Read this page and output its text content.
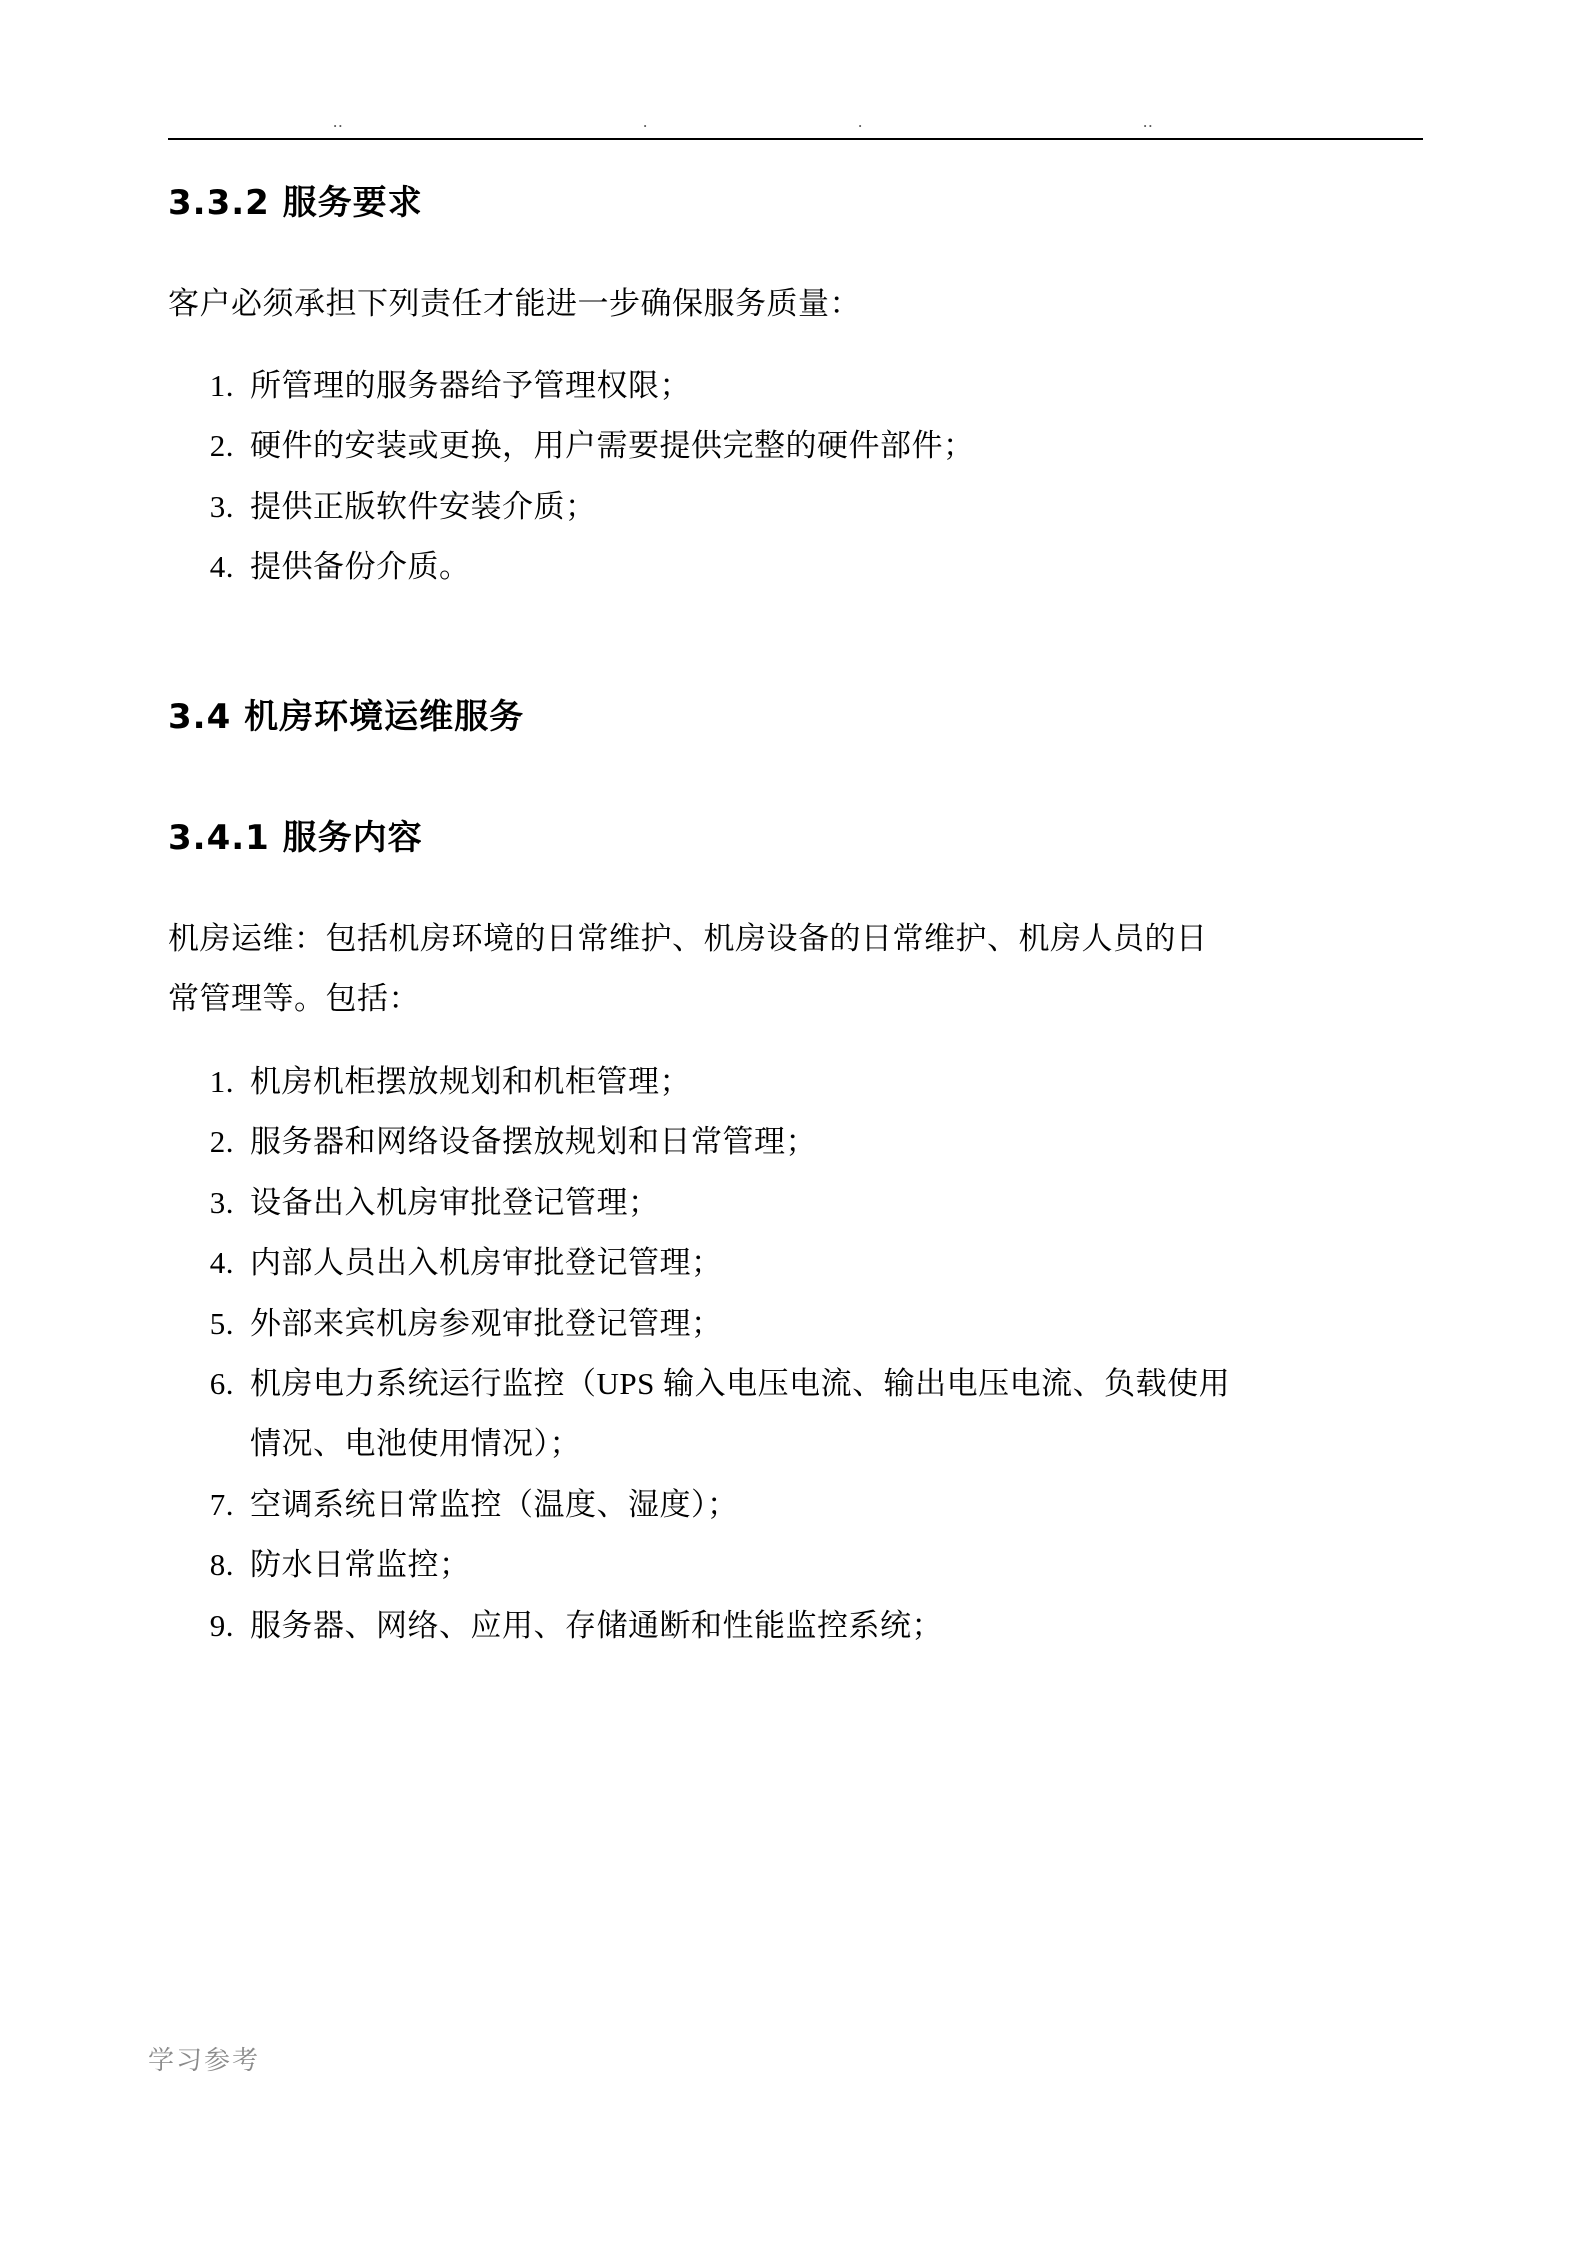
..	.	.	..
3.3.2 服务要求

客户必须承担下列责任才能进一步确保服务质量：

1. 所管理的服务器给予管理权限；
2. 硬件的安装或更换，用户需要提供完整的硬件部件；
3. 提供正版软件安装介质；
4. 提供备份介质。
3.4 机房环境运维服务
3.4.1 服务内容

机房运维：包括机房环境的日常维护、机房设备的日常维护、机房人员的日

常管理等。包括：

1. 机房机柜摆放规划和机柜管理；
2. 服务器和网络设备摆放规划和日常管理；
3. 设备出入机房审批登记管理；
4. 内部人员出入机房审批登记管理；
5. 外部来宾机房参观审批登记管理；
6. 机房电力系统运行监控（UPS 输入电压电流、输出电压电流、负载使用
情况、电池使用情况）；
7. 空调系统日常监控（温度、湿度）；
8. 防水日常监控；
9. 服务器、网络、应用、存储通断和性能监控系统；
学习参考
